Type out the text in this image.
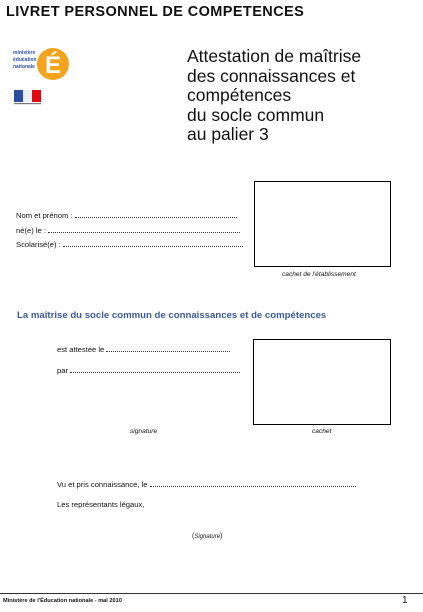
LIVRET PERSONNEL DE COMPETENCES
É
ministère
éducation
nationale
Attestation de maîtrise
des connaissances et
compétences
du socle commun
au palier 3
Nom et prénom :
né(e) le :
Scolarisé(e) :
cachet de l'établissement
La maîtrise du socle commun de connaissances et de compétences
est attestée le
par
signature	cachet
Vu et pris connaissance, le
Les représentants légaux,
(Signature)
Ministère de l'Éducation nationale - mai 2010	1
